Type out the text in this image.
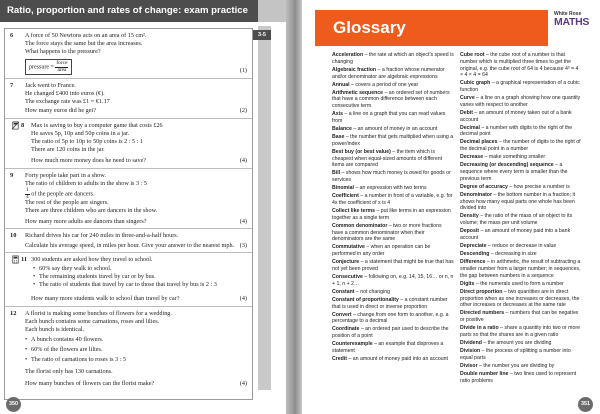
Ratio, proportion and rates of change: exam practice
3-5
6 A force of 50 Newtons acts on an area of 15 cm².
The force stays the same but the area increases.
What happens to the pressure?
pressure = $\frac{\text{force}}{\text{area}}$	(1)
7 Jack went to France.
He changed £400 into euros (€).
The exchange rate was £1 = €1.17
How many euros did he get?	(2)
8 Max is saving to buy a computer game that costs £26
He saves 5p, 10p and 50p coins in a jar.
The ratio of 5p to 10p to 50p coins is 2 : 5 : 1
There are 120 coins in the jar.
How much more money does he need to save?	(4)
9 Forty people take part in a show.
The ratio of children to adults in the show is 3 : 5
$\frac{1}{4}$ of the people are dancers.
The rest of the people are singers.
There are three children who are dancers in the show.
How many more adults are dancers than singers?	(4)
10 Richard drives his car for 240 miles in three-and-a-half hours.
Calculate his average speed, in miles per hour. Give your answer to the nearest mph. (3)
11 300 students are asked how they travel to school.
• 60% say they walk to school.
• The remaining students travel by car or by bus.
• The ratio of students that travel by car to those that travel by bus is 2 : 3
How many more students walk to school than travel by car?	(4)
12 A florist is making some bunches of flowers for a wedding.
Each bunch contains some carnations, roses and lilies.
Each bunch is identical.
• A bunch contains 40 flowers.
• 60% of the flowers are lilies.
• The ratio of carnations to roses is 3 : 5
The florist only has 130 carnations.
How many bunches of flowers can the florist make?	(4)
350
Glossary
White Rose
MATHS
Acceleration – the rate at which an object's speed is changing
Algebraic fraction – a fraction whose numerator and/or denominator are algebraic expressions
Annual – covers a period of one year
Arithmetic sequence – an ordered set of numbers that have a common difference between each consecutive term
Axis – a line on a graph that you can read values from
Balance – an amount of money in an account
Base – the number that gets multiplied when using a power/index
Best buy (or best value) – the item which is cheapest when equal-sized amounts of different items are compared
Bill – shows how much money is owed for goods or services
Binomial – an expression with two terms
Coefficient – a number in front of a variable, e.g. for 4x the coefficient of x is 4
Collect like terms – put like terms in an expression together as a single term
Common denominator – two or more fractions have a common denominator when their denominators are the same
Commutative – when an operation can be performed in any order
Conjecture – a statement that might be true that has not yet been proved
Consecutive – following on, e.g. 14, 15, 16… or n, n + 1, n + 2…
Constant – not changing
Constant of proportionality – a constant number that is used in direct or inverse proportion
Convert – change from one form to another, e.g. a percentage to a decimal
Coordinate – an ordered pair used to describe the position of a point
Counterexample – an example that disproves a statement
Credit – an amount of money paid into an account
Cube root – the cube root of a number is that number which is multiplied three times to get the original, e.g. the cube root of 64 is 4 because 4³ = 4 × 4 × 4 = 64
Cubic graph – a graphical representation of a cubic function
Curve – a line on a graph showing how one quantity varies with respect to another
Debit – an amount of money taken out of a bank account
Decimal – a number with digits to the right of the decimal point
Decimal places – the number of digits to the right of the decimal point in a number
Decrease – make something smaller
Decreasing (or descending) sequence – a sequence where every term is smaller than the previous term
Degree of accuracy – how precise a number is
Denominator – the bottom number in a fraction; it shows how many equal parts one whole has been divided into
Density – the ratio of the mass of an object to its volume; the mass per unit volume
Deposit – an amount of money paid into a bank account
Depreciate – reduce or decrease in value
Descending – decreasing in size
Difference – in arithmetic, the result of subtracting a smaller number from a larger number; in sequences, the gap between numbers in a sequence
Digits – the numerals used to form a number
Direct proportion – two quantities are in direct proportion when as one increases or decreases, the other increases or decreases at the same rate
Directed numbers – numbers that can be negative or positive
Divide in a ratio – share a quantity into two or more parts so that the shares are in a given ratio
Dividend – the amount you are dividing
Division – the process of splitting a number into equal parts
Divisor – the number you are dividing by
Double number line – two lines used to represent ratio problems
351
